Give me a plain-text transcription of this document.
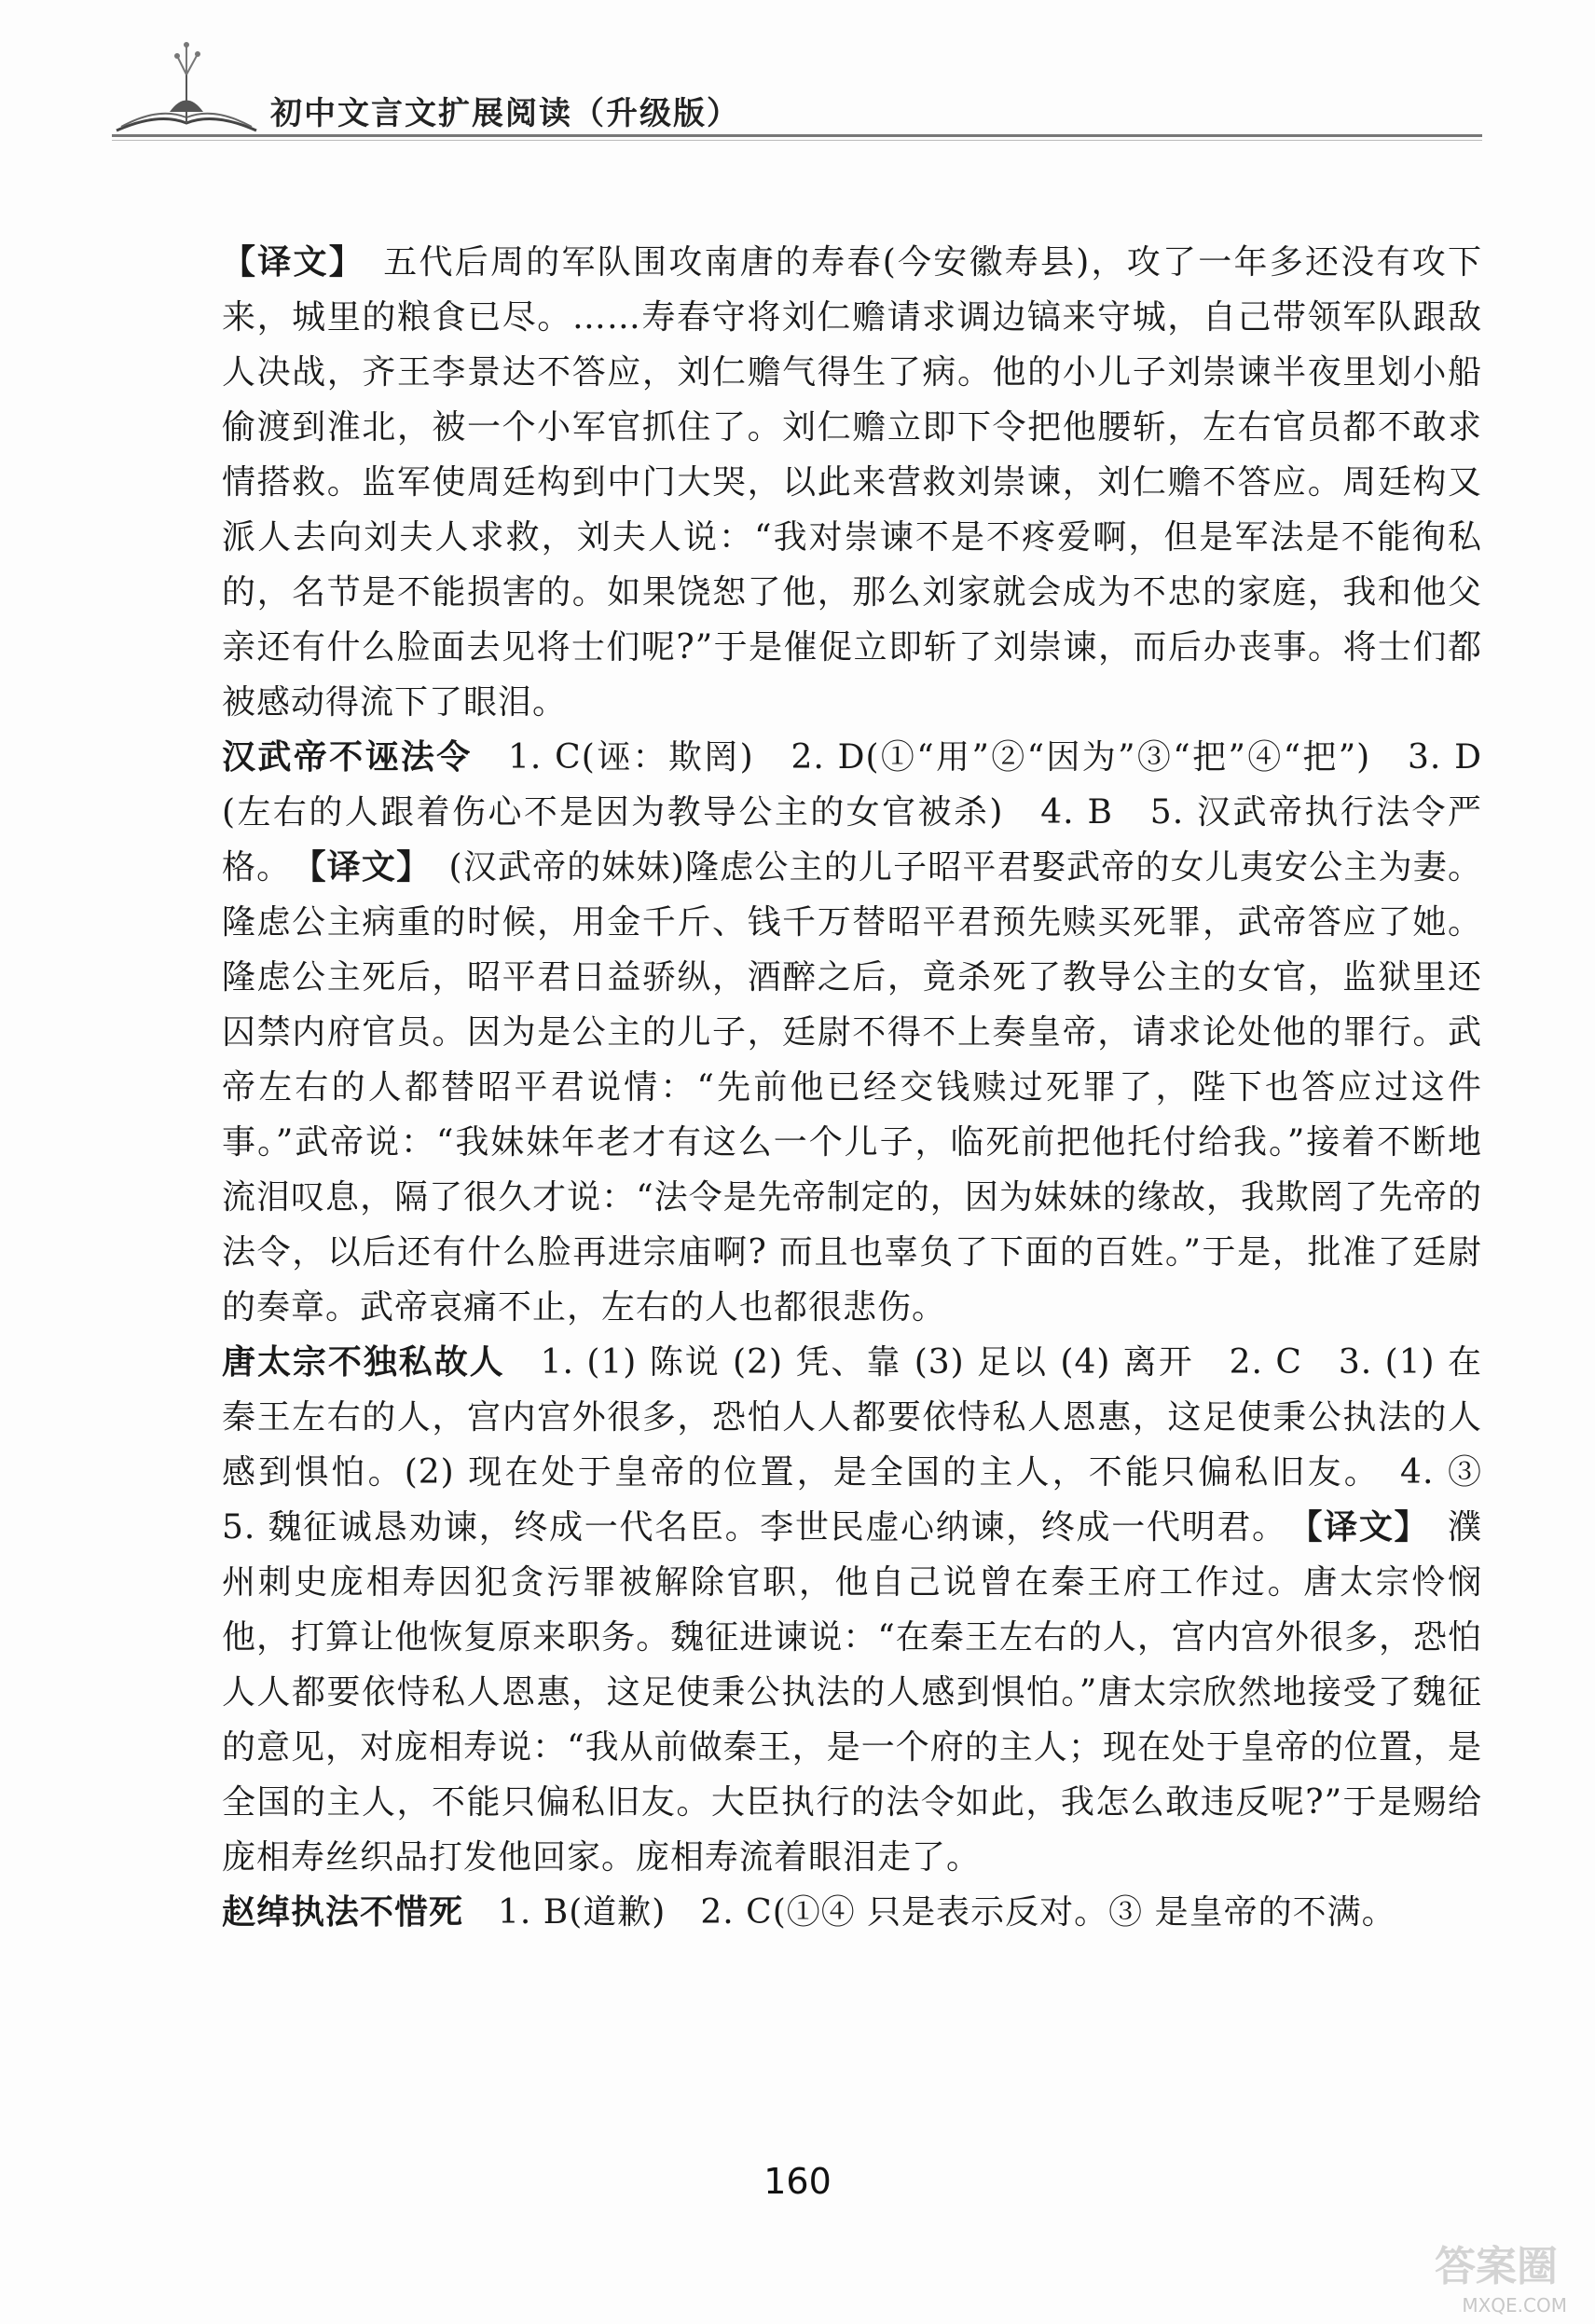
初中文言文扩展阅读（升级版）

【译文】　五代后周的军队围攻南唐的寿春(今安徽寿县)，攻了一年多还没有攻下来，城里的粮食已尽。……寿春守将刘仁赡请求调边镐来守城，自己带领军队跟敌人决战，齐王李景达不答应，刘仁赡气得生了病。他的小儿子刘崇谏半夜里划小船偷渡到淮北，被一个小军官抓住了。刘仁赡立即下令把他腰斩，左右官员都不敢求情搭救。监军使周廷构到中门大哭，以此来营救刘崇谏，刘仁赡不答应。周廷构又派人去向刘夫人求救，刘夫人说：“我对崇谏不是不疼爱啊，但是军法是不能徇私的，名节是不能损害的。如果饶恕了他，那么刘家就会成为不忠的家庭，我和他父亲还有什么脸面去见将士们呢?”于是催促立即斩了刘崇谏，而后办丧事。将士们都被感动得流下了眼泪。

汉武帝不诬法令　1. C(诬：欺罔)　2. D(①“用”②“因为”③“把”④“把”)　3. D(左右的人跟着伤心不是因为教导公主的女官被杀)　4. B　5. 汉武帝执行法令严格。　 【译文】　 (汉武帝的妹妹)隆虑公主的儿子昭平君娶武帝的女儿夷安公主为妻。隆虑公主病重的时候，用金千斤、钱千万替昭平君预先赎买死罪，武帝答应了她。隆虑公主死后，昭平君日益骄纵，酒醉之后，竟杀死了教导公主的女官，监狱里还囚禁内府官员。因为是公主的儿子，廷尉不得不上奏皇帝，请求论处他的罪行。武帝左右的人都替昭平君说情：“先前他已经交钱赎过死罪了，陛下也答应过这件事。”武帝说：“我妹妹年老才有这么一个儿子，临死前把他托付给我。”接着不断地流泪叹息，隔了很久才说：“法令是先帝制定的，因为妹妹的缘故，我欺罔了先帝的法令，以后还有什么脸再进宗庙啊? 而且也辜负了下面的百姓。”于是，批准了廷尉的奏章。武帝哀痛不止，左右的人也都很悲伤。

唐太宗不独私故人　1. (1) 陈说 (2) 凭、靠 (3) 足以 (4) 离开　2. C　3. (1) 在秦王左右的人，宫内宫外很多，恐怕人人都要依恃私人恩惠，这足使秉公执法的人感到惧怕。(2) 现在处于皇帝的位置，是全国的主人，不能只偏私旧友。　4. ③　5. 魏征诚恳劝谏，终成一代名臣。李世民虚心纳谏，终成一代明君。　 【译文】　 濮州刺史庞相寿因犯贪污罪被解除官职，他自己说曾在秦王府工作过。唐太宗怜悯他，打算让他恢复原来职务。魏征进谏说：“在秦王左右的人，宫内宫外很多，恐怕人人都要依恃私人恩惠，这足使秉公执法的人感到惧怕。”唐太宗欣然地接受了魏征的意见，对庞相寿说：“我从前做秦王，是一个府的主人；现在处于皇帝的位置，是全国的主人，不能只偏私旧友。大臣执行的法令如此，我怎么敢违反呢?”于是赐给庞相寿丝织品打发他回家。庞相寿流着眼泪走了。

赵绰执法不惜死　1. B(道歉)　2. C(①④ 只是表示反对。③ 是皇帝的不满。

160
答案圈
MXQE.COM
